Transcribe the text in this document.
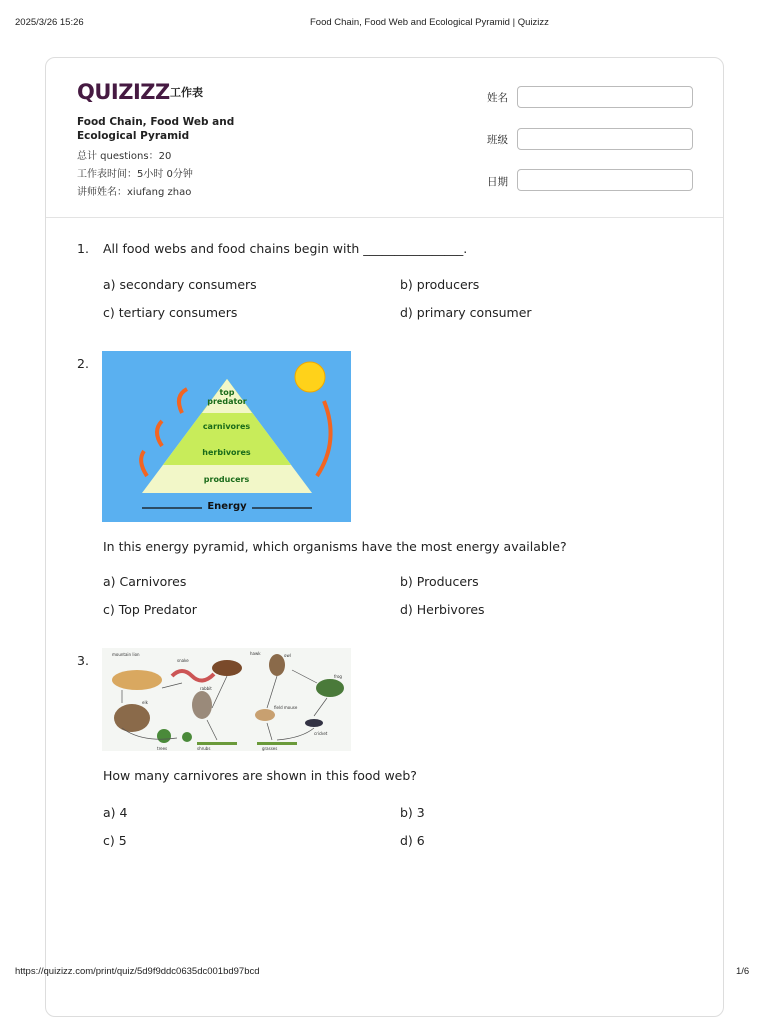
2025/3/26 15:26	Food Chain, Food Web and Ecological Pyramid | Quizizz
QUIZIZZ 工作表
Food Chain, Food Web and Ecological Pyramid
总计 questions：20
工作表时间：5小时 0分钟
讲师姓名：xiufang zhao
姓名
班级
日期
1. All food webs and food chains begin with ________________.
a) secondary consumers	b) producers
c) tertiary consumers	d) primary consumer
2.
top predator
carnivores
herbivores
producers
Energy
In this energy pyramid, which organisms have the most energy available?
a) Carnivores	b) Producers
c) Top Predator	d) Herbivores
3.	mountain lion
snake
hawk	owl
frog
rabbit
elk
field mouse
cricket
trees	shrubs	grasses
How many carnivores are shown in this food web?
a) 4	b) 3
c) 5	d) 6
https://quizizz.com/print/quiz/5d9f9ddc0635dc001bd97bcd	1/6
